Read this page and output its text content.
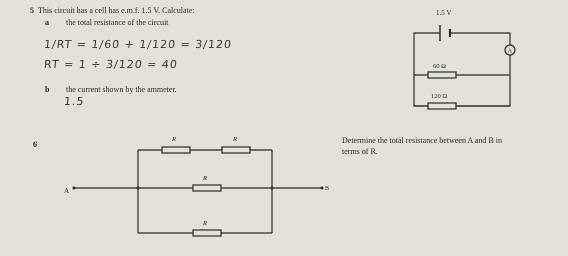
5 This circuit has a cell has e.m.f. 1.5 V. Calculate:
a the total resistance of the circuit
1/RT = 1/60 + 1/120 = 3/120
RT = 1 ÷ 3/120 = 40
b the current shown by the ammeter.
1.5
6	Determine the total resistance between A and B in
terms of R.
1.5 V
A
60 Ω
120 Ω
A	B
R	R
R
R
